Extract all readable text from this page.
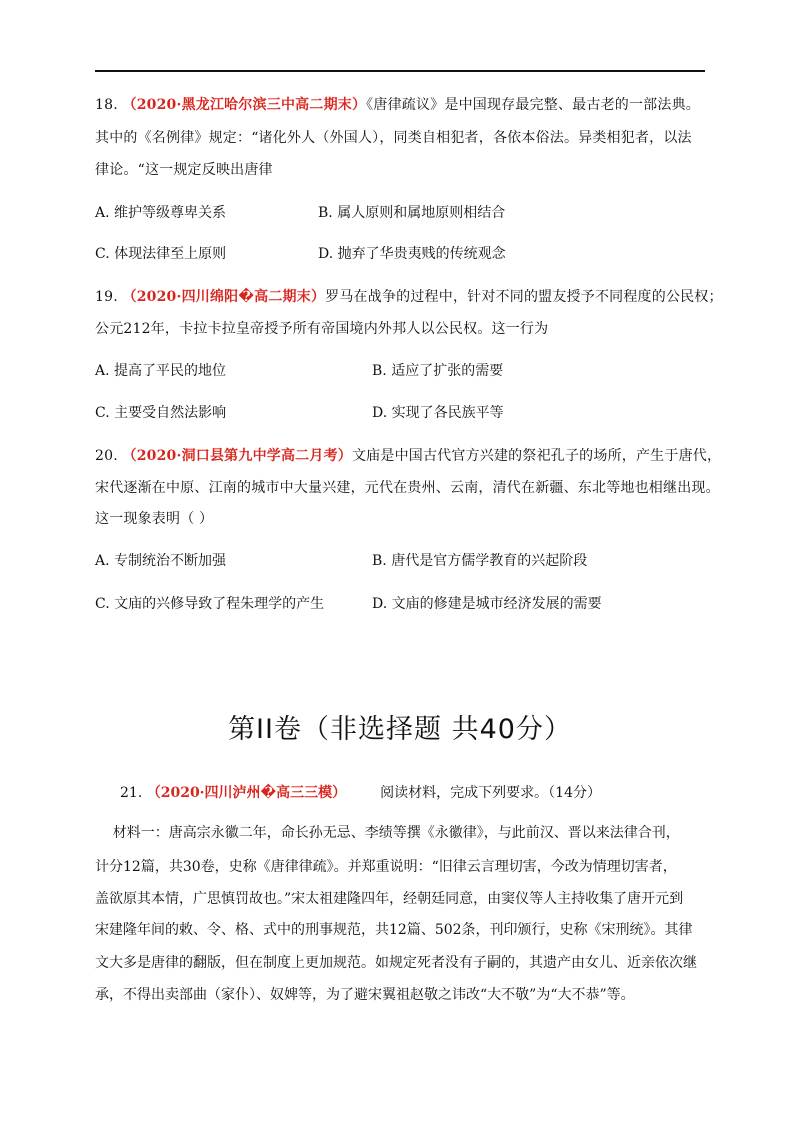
18. （2020·黑龙江哈尔滨三中高二期末）《唐律疏议》是中国现存最完整、最古老的一部法典。
其中的《名例律》规定：“诸化外人（外国人），同类自相犯者，各依本俗法。异类相犯者，以法
律论。“这一规定反映出唐律
A. 维护等级尊卑关系	B. 属人原则和属地原则相结合
C. 体现法律至上原则	D. 抛弃了华贵夷贱的传统观念
19. （2020·四川绵阳�高二期末）罗马在战争的过程中，针对不同的盟友授予不同程度的公民权；
公元212年，卡拉卡拉皇帝授予所有帝国境内外邦人以公民权。这一行为
A. 提高了平民的地位	B. 适应了扩张的需要
C. 主要受自然法影响	D. 实现了各民族平等
20. （2020·洞口县第九中学高二月考）文庙是中国古代官方兴建的祭祀孔子的场所，产生于唐代，
宋代逐渐在中原、江南的城市中大量兴建，元代在贵州、云南，清代在新疆、东北等地也相继出现。
这一现象表明（ ）
A. 专制统治不断加强	B. 唐代是官方儒学教育的兴起阶段
C. 文庙的兴修导致了程朱理学的产生	D. 文庙的修建是城市经济发展的需要
第II卷（非选择题 共40分）
21. （2020·四川泸州�高三三模） 阅读材料，完成下列要求。（14分）
材料一：唐高宗永徽二年，命长孙无忌、李绩等撰《永徽律》，与此前汉、晋以来法律合刊，
计分12篇，共30卷，史称《唐律律疏》。并郑重说明：“旧律云言理切害，今改为情理切害者，
盖欲原其本情，广思慎罚故也。”宋太祖建隆四年，经朝廷同意，由窦仪等人主持收集了唐开元到
宋建隆年间的敕、令、格、式中的刑事规范，共12篇、502条，刊印颁行，史称《宋刑统》。其律
文大多是唐律的翻版，但在制度上更加规范。如规定死者没有子嗣的，其遗产由女儿、近亲依次继
承，不得出卖部曲（家仆）、奴婢等，为了避宋翼祖赵敬之讳改“大不敬”为“大不恭”等。
